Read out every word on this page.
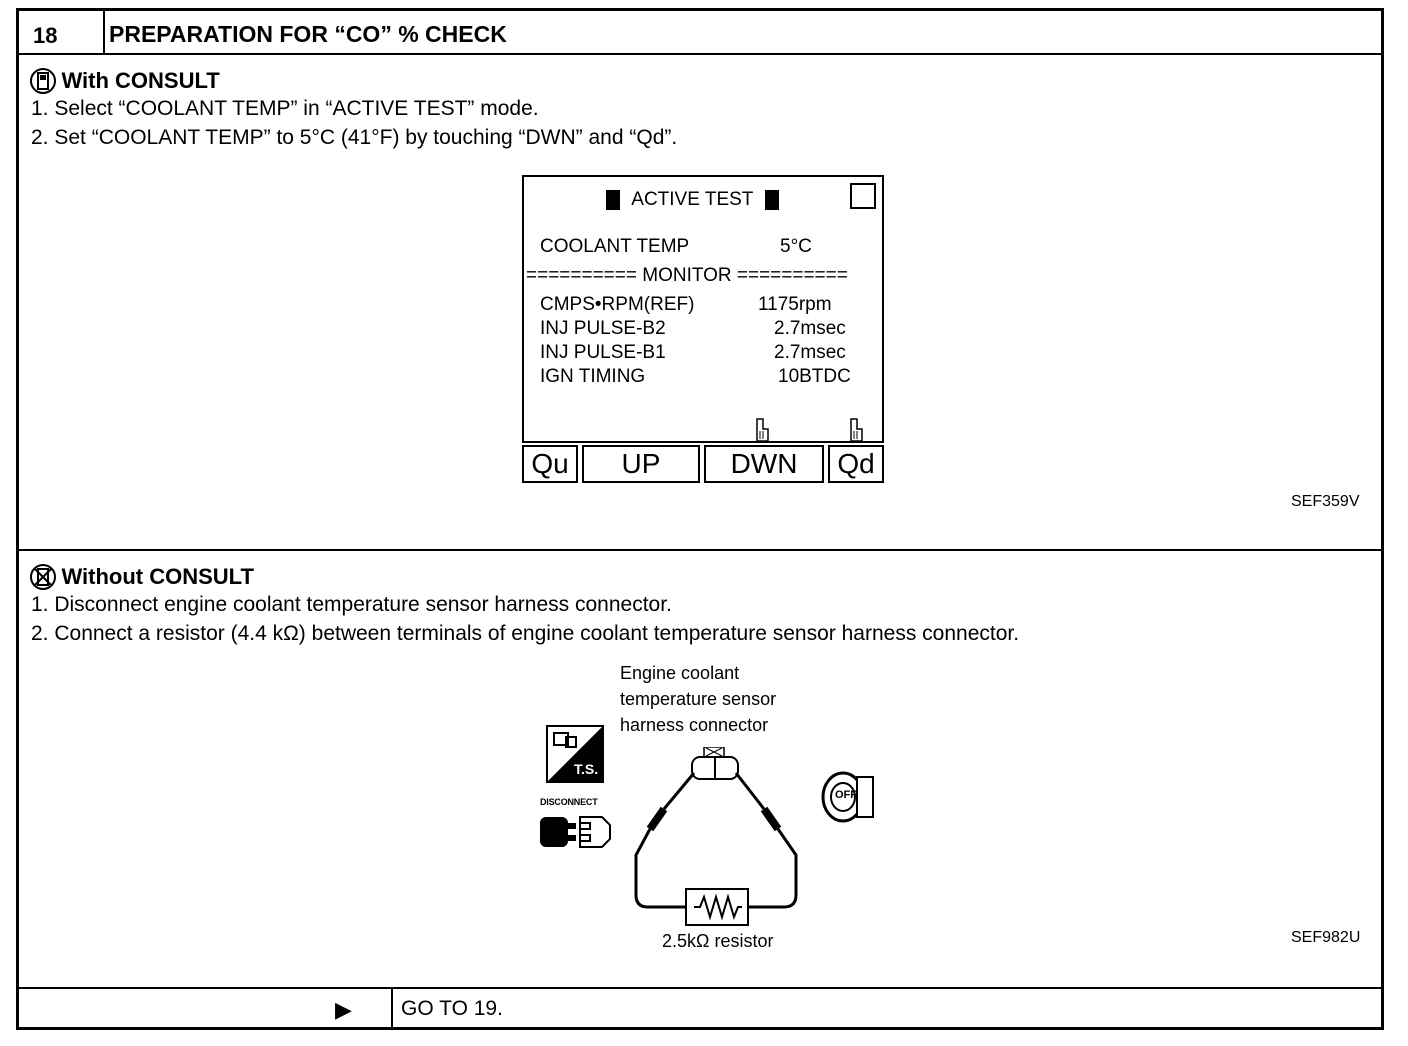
18 PREPARATION FOR “CO” % CHECK
With CONSULT
1. Select “COOLANT TEMP” in “ACTIVE TEST” mode.
2. Set “COOLANT TEMP” to 5°C (41°F) by touching “DWN” and “Qd”.
ACTIVE TEST
COOLANT TEMP	5°C
========== MONITOR ==========
CMPS•RPM(REF)	1175rpm
INJ PULSE-B2	2.7msec
INJ PULSE-B1	2.7msec
IGN TIMING	10BTDC
Qu	UP	DWN	Qd
SEF359V
Without CONSULT
1. Disconnect engine coolant temperature sensor harness connector.
2. Connect a resistor (4.4 kΩ) between terminals of engine coolant temperature sensor harness connector.
Engine coolant
temperature sensor
harness connector
T.S.
DISCONNECT
OFF
2.5kΩ resistor	SEF982U
▶ GO TO 19.
